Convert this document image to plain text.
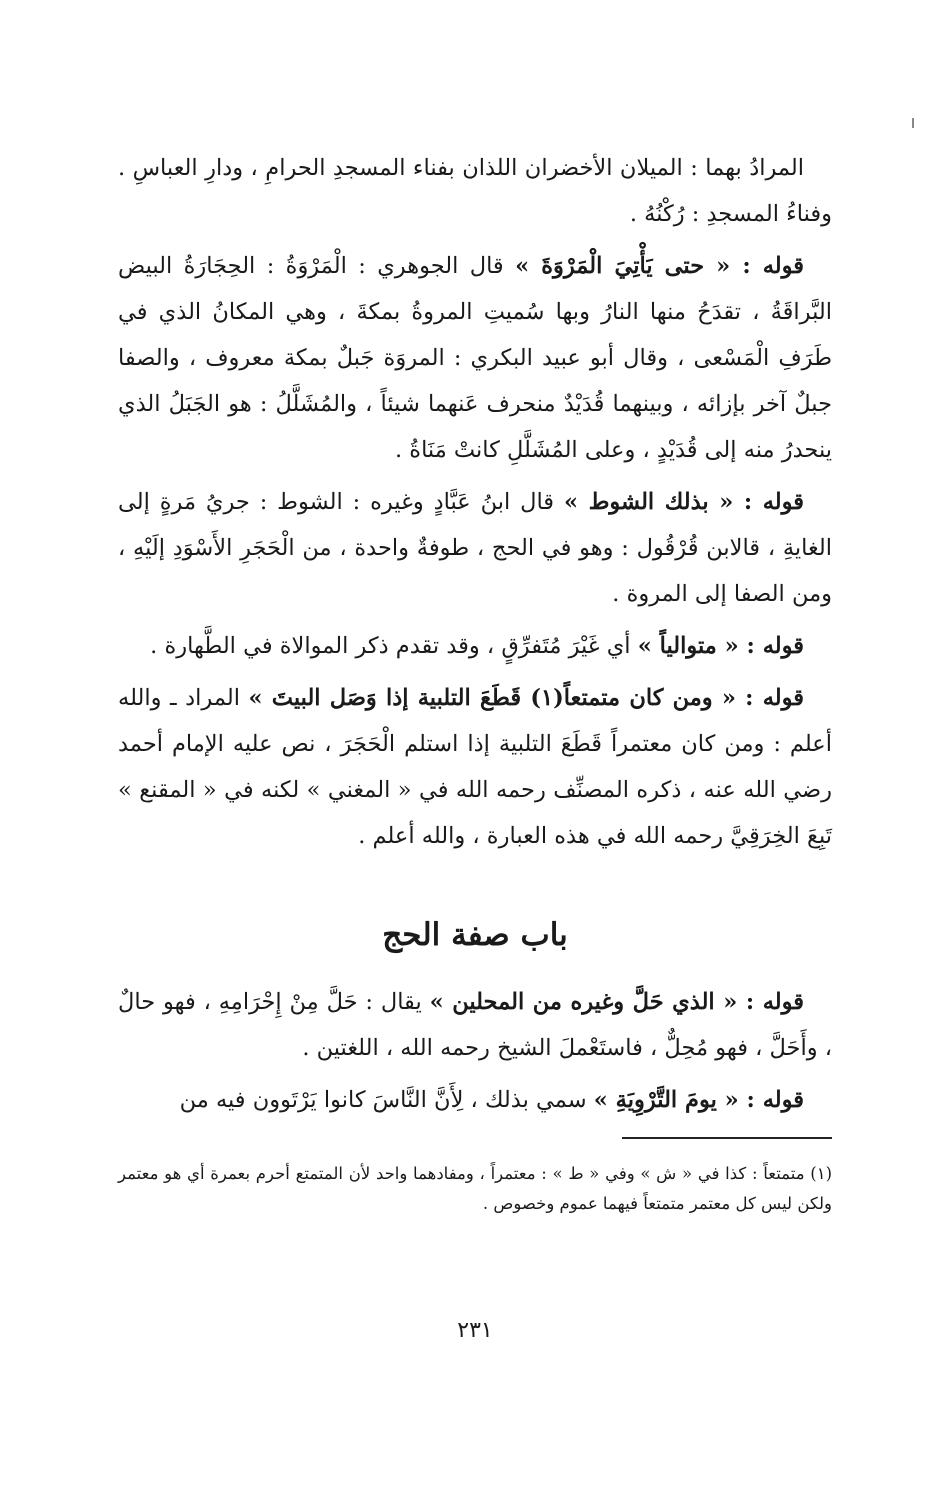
المرادُ بهما : الميلان الأخضران اللذان بفناء المسجدِ الحرامِ ، ودارِ العباسِ . وفناءُ المسجدِ : رُكْنُهُ .

قوله : « حتى يَأْتِيَ الْمَرْوَةَ » قال الجوهري : الْمَرْوَةُ : الحِجَارَةُ البيض البَّراقَةُ ، تقدَحُ منها النارُ وبها سُميتِ المروةُ بمكةَ ، وهي المكانُ الذي في طَرَفِ الْمَسْعى ، وقال أبو عبيد البكري : المروَة جَبلٌ بمكة معروف ، والصفا جبلٌ آخر بإزائه ، وبينهما قُدَيْدٌ منحرف عَنهما شيئاً ، والمُشَلَّلُ : هو الجَبَلُ الذي ينحدرُ منه إلى قُدَيْدٍ ، وعلى المُشَلَّلِ كانتْ مَنَاةُ .

قوله : « بذلك الشوط » قال ابنُ عَبَّادٍ وغيره : الشوط : جريُ مَرةٍ إلى الغايةِ ، قالابن قُرْقُول : وهو في الحج ، طوفةٌ واحدة ، من الْحَجَرِ الأَسْوَدِ إلَيْهِ ، ومن الصفا إلى المروة .

قوله : « متوالياً » أي غَيْرَ مُتَفرِّقٍ ، وقد تقدم ذكر الموالاة في الطَّهارة .

قوله : « ومن كان متمتعاً(١) قَطَعَ التلبية إذا وَصَل البيتَ » المراد ـ والله أعلم : ومن كان معتمراً قَطَعَ التلبية إذا استلم الْحَجَرَ ، نص عليه الإمام أحمد رضي الله عنه ، ذكره المصنِّف رحمه الله في « المغني » لكنه في « المقنع » تَبِعَ الخِرَقِيَّ رحمه الله في هذه العبارة ، والله أعلم .

باب صفة الحج

قوله : « الذي حَلَّ وغيره من المحلين » يقال : حَلَّ مِنْ إِحْرَامِهِ ، فهو حالٌ ، وأَحَلَّ ، فهو مُحِلٌّ ، فاستَعْملَ الشيخ رحمه الله ، اللغتين .

قوله : « يومَ التَّرْوِيَةِ » سمي بذلك ، لِأَنَّ النَّاسَ كانوا يَرْتَوون فيه من

(١) متمتعاً : كذا في « ش » وفي « ط » : معتمراً ، ومفادهما واحد لأن المتمتع أحرم بعمرة أي هو معتمر ولكن ليس كل معتمر متمتعاً فيهما عموم وخصوص .

٢٣١
